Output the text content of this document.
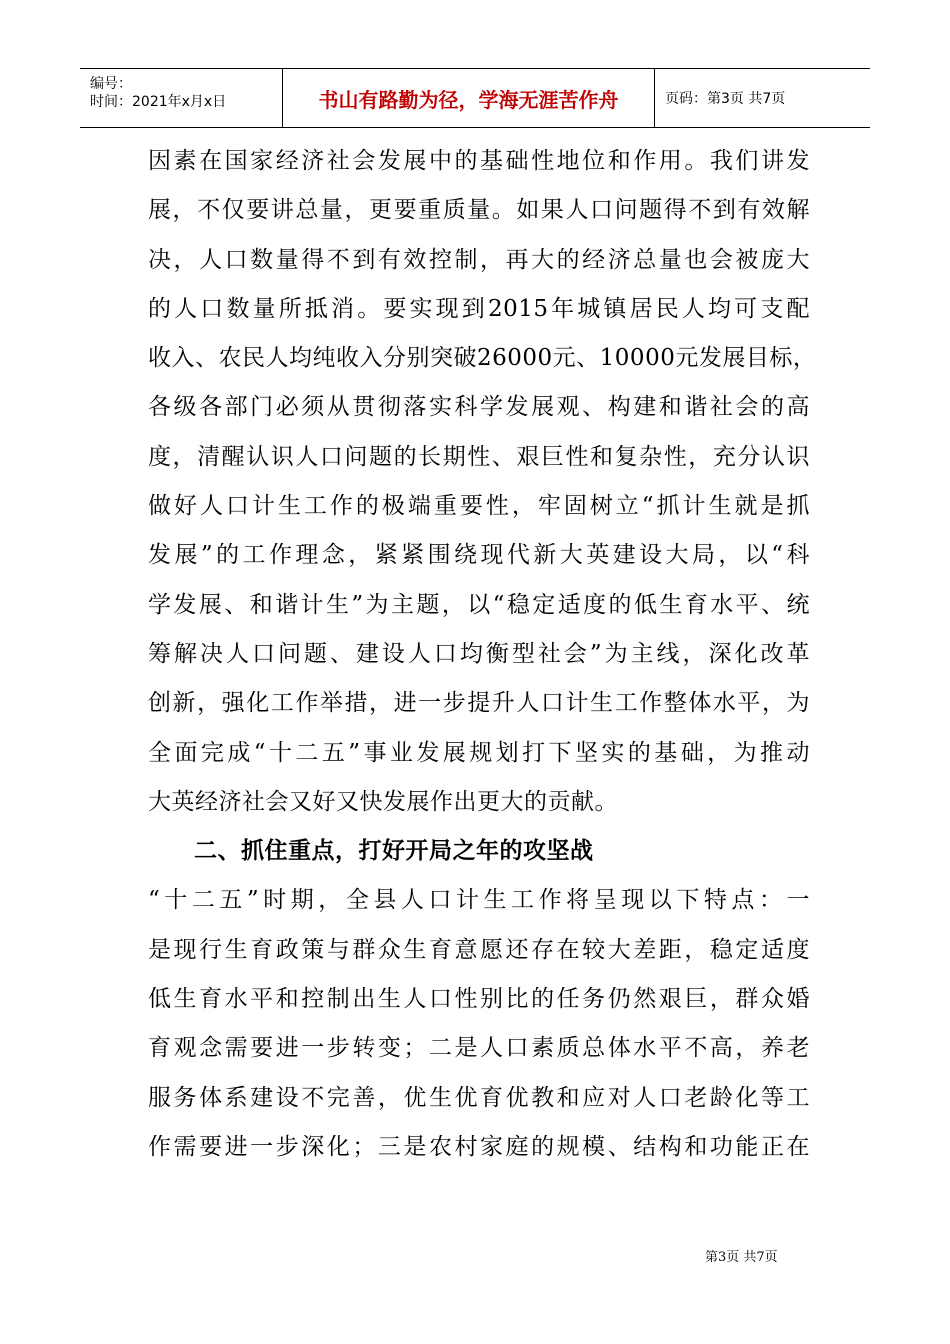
编号：
时间：2021年x月x日	书山有路勤为径，学海无涯苦作舟	页码：第3页 共7页

因素在国家经济社会发展中的基础性地位和作用。我们讲发

展，不仅要讲总量，更要重质量。如果人口问题得不到有效解

决，人口数量得不到有效控制，再大的经济总量也会被庞大

的人口数量所抵消。要实现到2015年城镇居民人均可支配

收入、农民人均纯收入分别突破26000元、10000元发展目标，

各级各部门必须从贯彻落实科学发展观、构建和谐社会的高

度，清醒认识人口问题的长期性、艰巨性和复杂性，充分认识

做好人口计生工作的极端重要性，牢固树立“抓计生就是抓

发展”的工作理念，紧紧围绕现代新大英建设大局，以“科

学发展、和谐计生”为主题，以“稳定适度的低生育水平、统

筹解决人口问题、建设人口均衡型社会”为主线，深化改革

创新，强化工作举措，进一步提升人口计生工作整体水平，为

全面完成“十二五”事业发展规划打下坚实的基础，为推动

大英经济社会又好又快发展作出更大的贡献。

二、抓住重点，打好开局之年的攻坚战

“十二五”时期，全县人口计生工作将呈现以下特点：一

是现行生育政策与群众生育意愿还存在较大差距，稳定适度

低生育水平和控制出生人口性别比的任务仍然艰巨，群众婚

育观念需要进一步转变；二是人口素质总体水平不高，养老

服务体系建设不完善，优生优育优教和应对人口老龄化等工

作需要进一步深化；三是农村家庭的规模、结构和功能正在

第3页 共7页
